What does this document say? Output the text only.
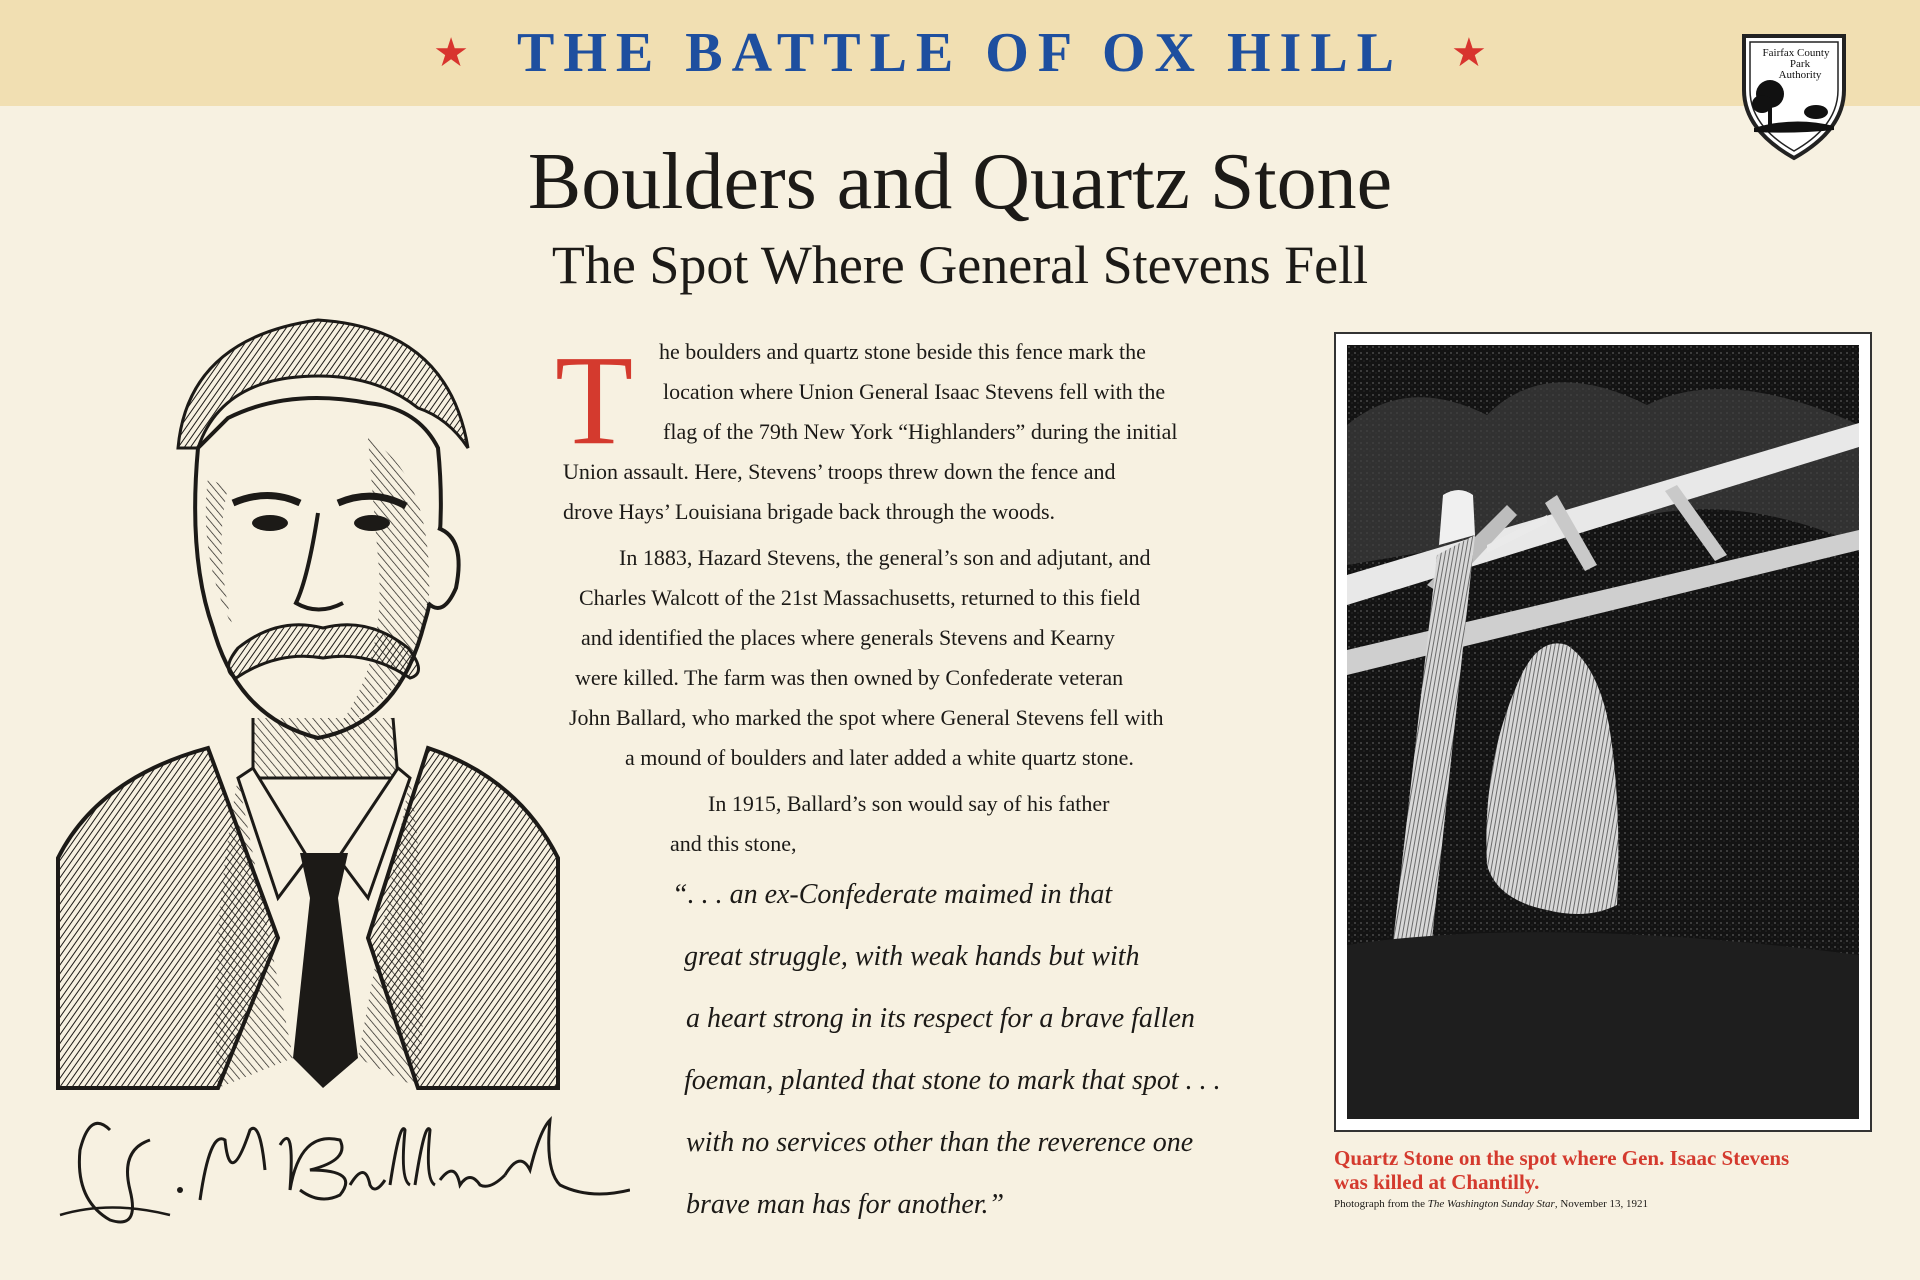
★ THE BATTLE OF OX HILL ★	Fairfax County
Park
Authority
Boulders and Quartz Stone
The Spot Where General Stevens Fell
T he boulders and quartz stone beside this fence mark the
location where Union General Isaac Stevens fell with the
flag of the 79th New York “Highlanders” during the initial
Union assault. Here, Stevens’ troops threw down the fence and
drove Hays’ Louisiana brigade back through the woods.
In 1883, Hazard Stevens, the general’s son and adjutant, and
Charles Walcott of the 21st Massachusetts, returned to this field
and identified the places where generals Stevens and Kearny
were killed. The farm was then owned by Confederate veteran
John Ballard, who marked the spot where General Stevens fell with
a mound of boulders and later added a white quartz stone.
In 1915, Ballard’s son would say of his father
and this stone,
“. . . an ex-Confederate maimed in that
great struggle, with weak hands but with
a heart strong in its respect for a brave fallen
foeman, planted that stone to mark that spot . . .
with no services other than the reverence one
brave man has for another.”
Quartz Stone on the spot where Gen. Isaac Stevens
was killed at Chantilly.
Photograph from the The Washington Sunday Star, November 13, 1921
